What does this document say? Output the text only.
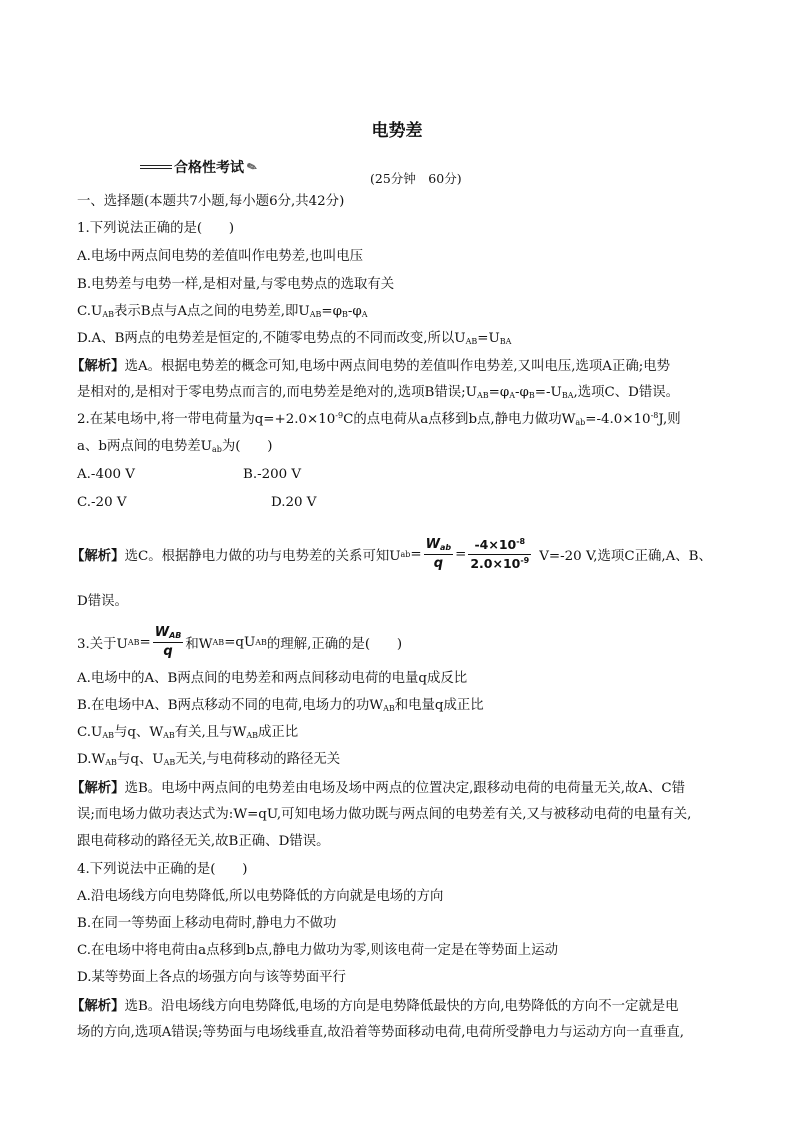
电势差
合格性考试 ✎
(25分钟　60分)
一、选择题(本题共7小题,每小题6分,共42分)
1.下列说法正确的是(　　)
A.电场中两点间电势的差值叫作电势差,也叫电压
B.电势差与电势一样,是相对量,与零电势点的选取有关
$C.U_{AB}$表示B点与A点之间的电势差,即$U_{AB}=\varphi_B-\varphi_A$
D.A、B两点的电势差是恒定的,不随零电势点的不同而改变,所以$U_{AB}=U_{BA}$
【解析】选A。根据电势差的概念可知,电场中两点间电势的差值叫作电势差,又叫电压,选项A正确;电势
是相对的,是相对于零电势点而言的,而电势差是绝对的,选项B错误$;U_{AB}=\varphi_A-\varphi_B=-U_{BA}$,选项C、D错误。
2.在某电场中,将一带电荷量为$q=+2.0\times 10^{-9}C$的点电荷从a点移到b点,静电力做功$W_{ab}=-4.0\times 10^{-8}J$,则
a、b两点间的电势差$U_{ab}$为(　　)
A.-400 V	B.-200 V
C.-20 V	D.20 V
【解析】 选C。根据静电力做的功与电势差的关系可知U ab = $\frac{W_{ab}}{q} = \frac{-4\times 10^{-8}}{2.0\times 10^{-9}} V=-20$ V,选项C正确,A、B、
D错误。
3.关于U AB = $\frac{W_{AB}}{q}$ 和W AB =qU AB 的理解,正确的是(　　)
A.电场中的A、B两点间的电势差和两点间移动电荷的电量q成反比
B.在电场中A、B两点移动不同的电荷,电场力的功$W_{AB}$和电量q成正比
$C.U_{AB}$与q、$W_{AB}$有关,且与$W_{AB}$成正比
$D.W_{AB}$与q、$U_{AB}$无关,与电荷移动的路径无关
【解析】选B。电场中两点间的电势差由电场及场中两点的位置决定,跟移动电荷的电荷量无关,故A、C错
误;而电场力做功表达式为:W=qU,可知电场力做功既与两点间的电势差有关,又与被移动电荷的电量有关,
跟电荷移动的路径无关,故B正确、D错误。
4.下列说法中正确的是(　　)
A.沿电场线方向电势降低,所以电势降低的方向就是电场的方向
B.在同一等势面上移动电荷时,静电力不做功
C.在电场中将电荷由a点移到b点,静电力做功为零,则该电荷一定是在等势面上运动
D.某等势面上各点的场强方向与该等势面平行
【解析】选B。沿电场线方向电势降低,电场的方向是电势降低最快的方向,电势降低的方向不一定就是电
场的方向,选项A错误;等势面与电场线垂直,故沿着等势面移动电荷,电荷所受静电力与运动方向一直垂直,
